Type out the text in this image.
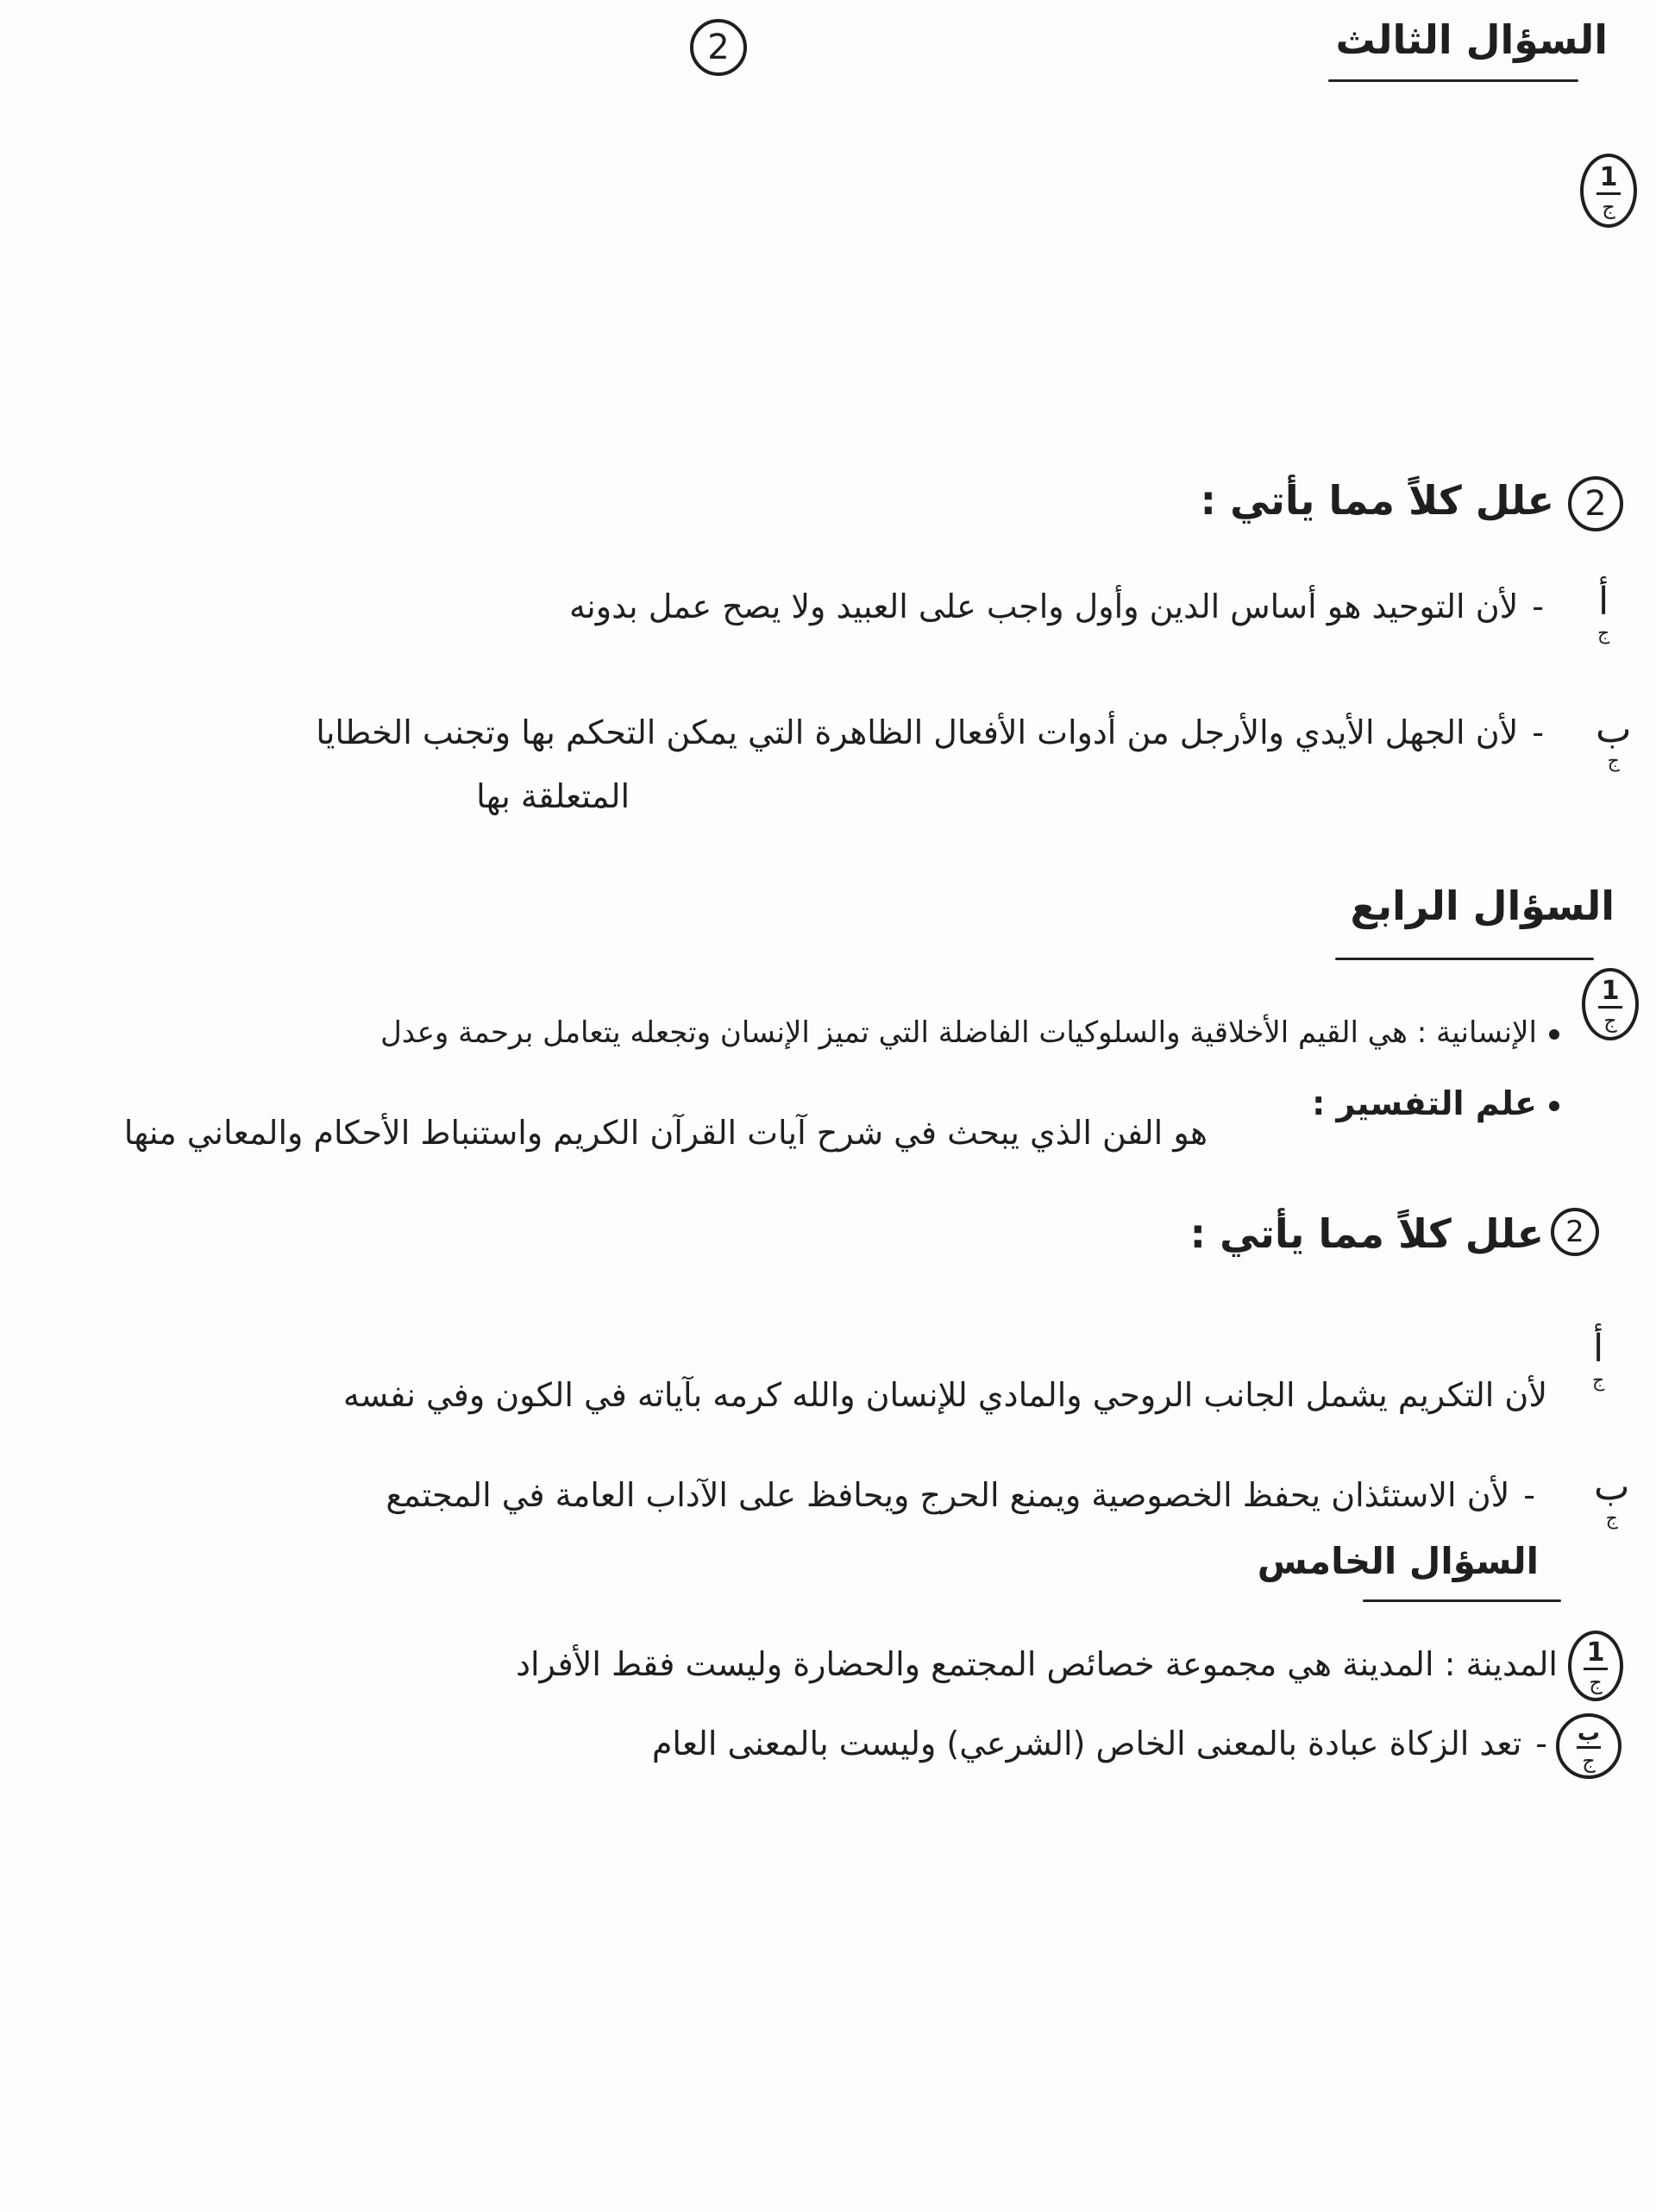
2	السؤال الثالث
1
ج
2
علل كلاً مما يأتي :
أ
ج
-لأن التوحيد هو أساس الدين وأول واجب على العبيد ولا يصح عمل بدونه
ب
ج
-لأن الجهل الأيدي والأرجل من أدوات الأفعال الظاهرة التي يمكن التحكم بها وتجنب الخطايا
المتعلقة بها
السؤال الرابع
1
ج
الإنسانية : هي القيم الأخلاقية والسلوكيات الفاضلة التي تميز الإنسان وتجعله يتعامل برحمة وعدل
علم التفسير :
هو الفن الذي يبحث في شرح آيات القرآن الكريم واستنباط الأحكام والمعاني منها
2
علل كلاً مما يأتي :
أ
ج
لأن التكريم يشمل الجانب الروحي والمادي للإنسان والله كرمه بآياته في الكون وفي نفسه
ب
ج
-لأن الاستئذان يحفظ الخصوصية ويمنع الحرج ويحافظ على الآداب العامة في المجتمع
السؤال الخامس
1
ج
المدينة : المدينة هي مجموعة خصائص المجتمع والحضارة وليست فقط الأفراد
ب
ج
-تعد الزكاة عبادة بالمعنى الخاص (الشرعي) وليست بالمعنى العام
